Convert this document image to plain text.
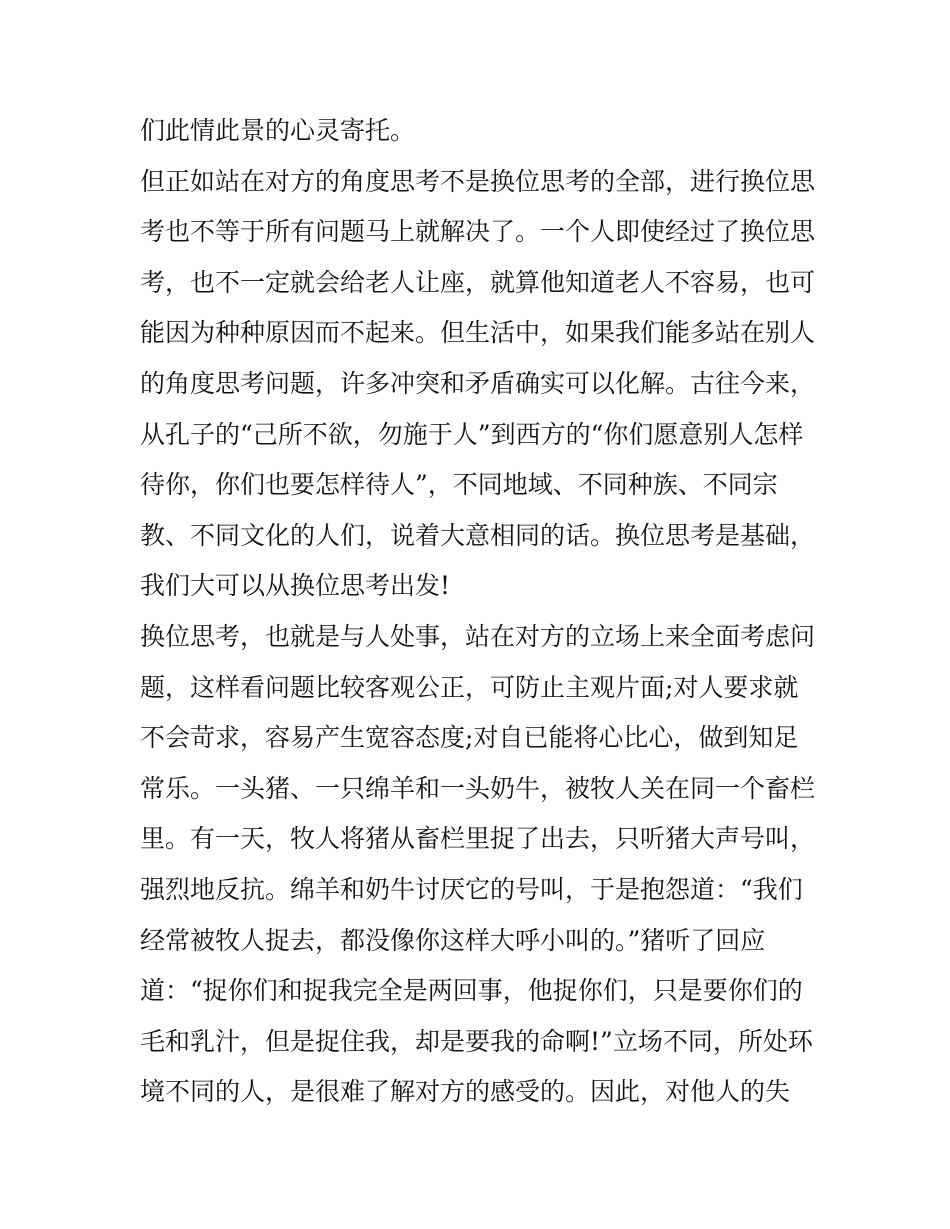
们此情此景的心灵寄托。
但正如站在对方的角度思考不是换位思考的全部，进行换位思
考也不等于所有问题马上就解决了。一个人即使经过了换位思
考，也不一定就会给老人让座，就算他知道老人不容易，也可
能因为种种原因而不起来。但生活中，如果我们能多站在别人
的角度思考问题，许多冲突和矛盾确实可以化解。古往今来，
从孔子的“己所不欲，勿施于人”到西方的“你们愿意别人怎样
待你，你们也要怎样待人”，不同地域、不同种族、不同宗
教、不同文化的人们，说着大意相同的话。换位思考是基础，
我们大可以从换位思考出发!
换位思考，也就是与人处事，站在对方的立场上来全面考虑问
题，这样看问题比较客观公正，可防止主观片面;对人要求就
不会苛求，容易产生宽容态度;对自已能将心比心，做到知足
常乐。一头猪、一只绵羊和一头奶牛，被牧人关在同一个畜栏
里。有一天，牧人将猪从畜栏里捉了出去，只听猪大声号叫，
强烈地反抗。绵羊和奶牛讨厌它的号叫，于是抱怨道：“我们
经常被牧人捉去，都没像你这样大呼小叫的。”猪听了回应
道：“捉你们和捉我完全是两回事，他捉你们，只是要你们的
毛和乳汁，但是捉住我，却是要我的命啊!”立场不同，所处环
境不同的人，是很难了解对方的感受的。因此，对他人的失
